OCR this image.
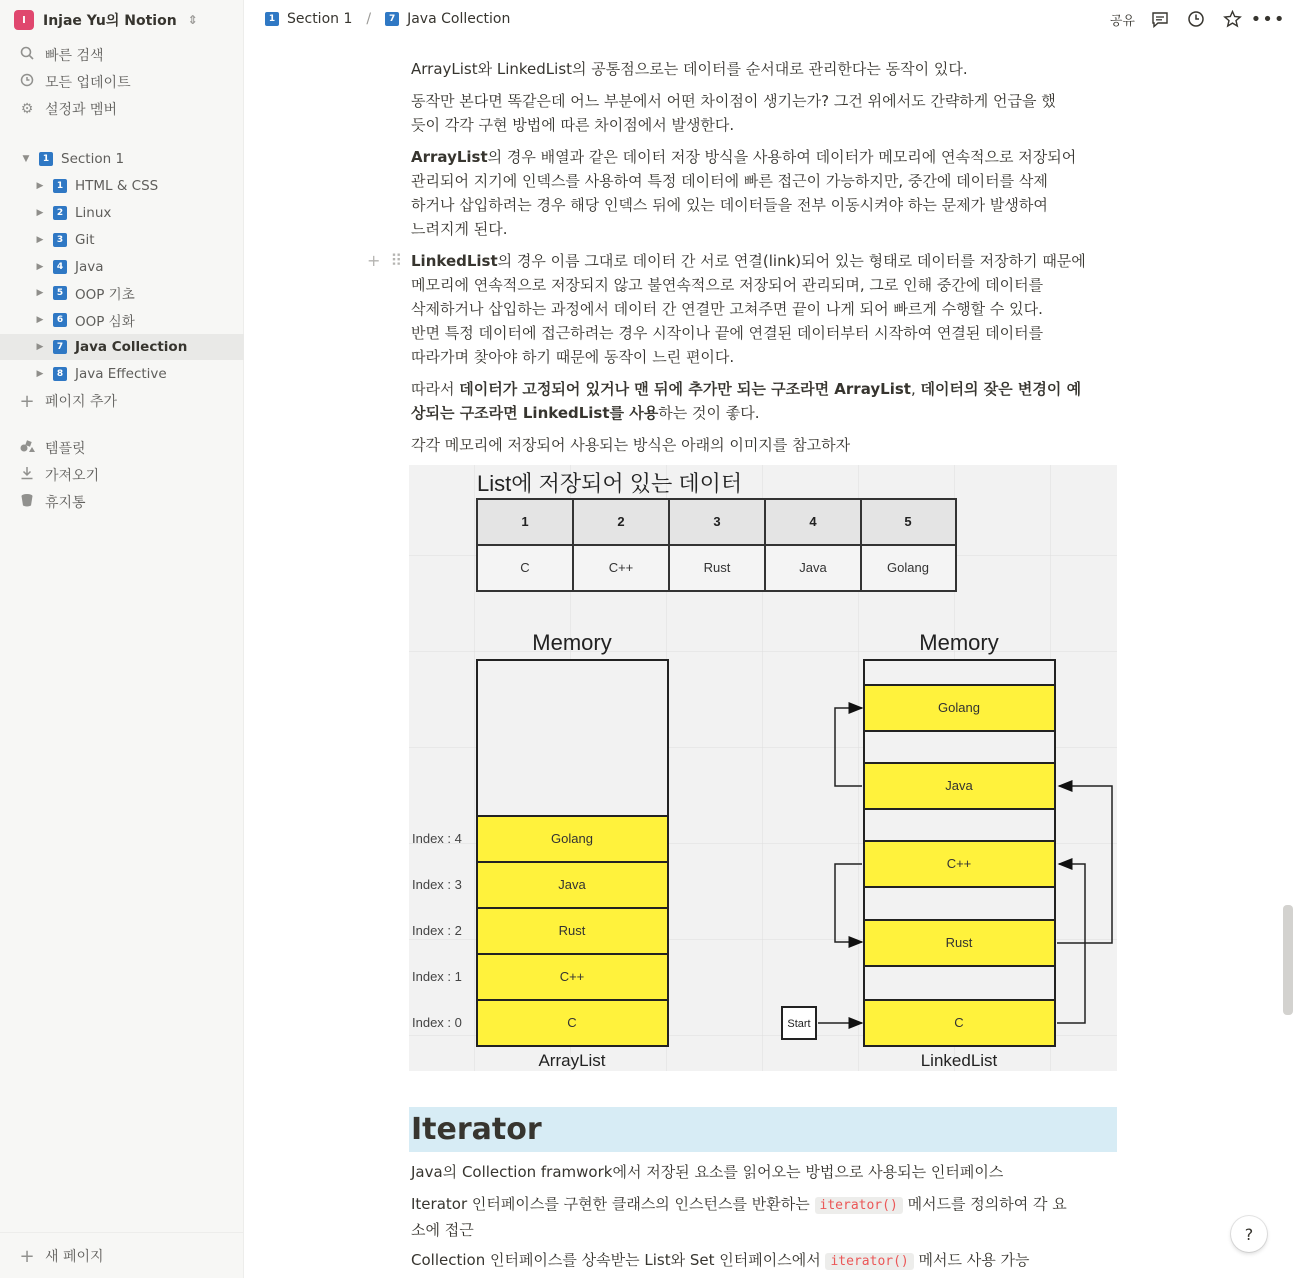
I	Injae Yu의 Notion ⇕
빠른 검색
모든 업데이트
⚙ 설정과 멤버
▼	1 Section 1
▶	1 HTML & CSS
▶	2 Linux
▶	3 Git
▶	4 Java
▶	5 OOP 기초
▶	6 OOP 심화
▶	7 Java Collection
▶	8 Java Effective
+ 페이지 추가
템플릿
가져오기
휴지통
+ 새 페이지
1 Section 1 /	7 Java Collection	공유	•••
ArrayList와 LinkedList의 공통점으로는 데이터를 순서대로 관리한다는 동작이 있다.
동작만 본다면 똑같은데 어느 부분에서 어떤 차이점이 생기는가? 그건 위에서도 간략하게 언급을 했
듯이 각각 구현 방법에 따른 차이점에서 발생한다.
ArrayList의 경우 배열과 같은 데이터 저장 방식을 사용하여 데이터가 메모리에 연속적으로 저장되어
관리되어 지기에 인덱스를 사용하여 특정 데이터에 빠른 접근이 가능하지만, 중간에 데이터를 삭제
하거나 삽입하려는 경우 해당 인덱스 뒤에 있는 데이터들을 전부 이동시켜야 하는 문제가 발생하여
느려지게 된다.
+ ⠿ LinkedList의 경우 이름 그대로 데이터 간 서로 연결(link)되어 있는 형태로 데이터를 저장하기 때문에
메모리에 연속적으로 저장되지 않고 불연속적으로 저장되어 관리되며, 그로 인해 중간에 데이터를
삭제하거나 삽입하는 과정에서 데이터 간 연결만 고쳐주면 끝이 나게 되어 빠르게 수행할 수 있다.
반면 특정 데이터에 접근하려는 경우 시작이나 끝에 연결된 데이터부터 시작하여 연결된 데이터를
따라가며 찾아야 하기 때문에 동작이 느린 편이다.
따라서 데이터가 고정되어 있거나 맨 뒤에 추가만 되는 구조라면 ArrayList, 데이터의 잦은 변경이 예
상되는 구조라면 LinkedList를 사용하는 것이 좋다.
각각 메모리에 저장되어 사용되는 방식은 아래의 이미지를 참고하자
Iterator
Java의 Collection framwork에서 저장된 요소를 읽어오는 방법으로 사용되는 인터페이스
Iterator 인터페이스를 구현한 클래스의 인스턴스를 반환하는 iterator() 메서드를 정의하여 각 요
소에 접근
Collection 인터페이스를 상속받는 List와 Set 인터페이스에서 iterator() 메서드 사용 가능
List에 저장되어 있는 데이터
1	2	3	4	5
C	C++	Rust	Java	Golang
Memory
Golang
Java
Rust
C++
C
Index : 4
Index : 3
Index : 2
Index : 1
Index : 0
ArrayList
Memory
Golang
Java
C++
Rust
C
LinkedList
Start
?
